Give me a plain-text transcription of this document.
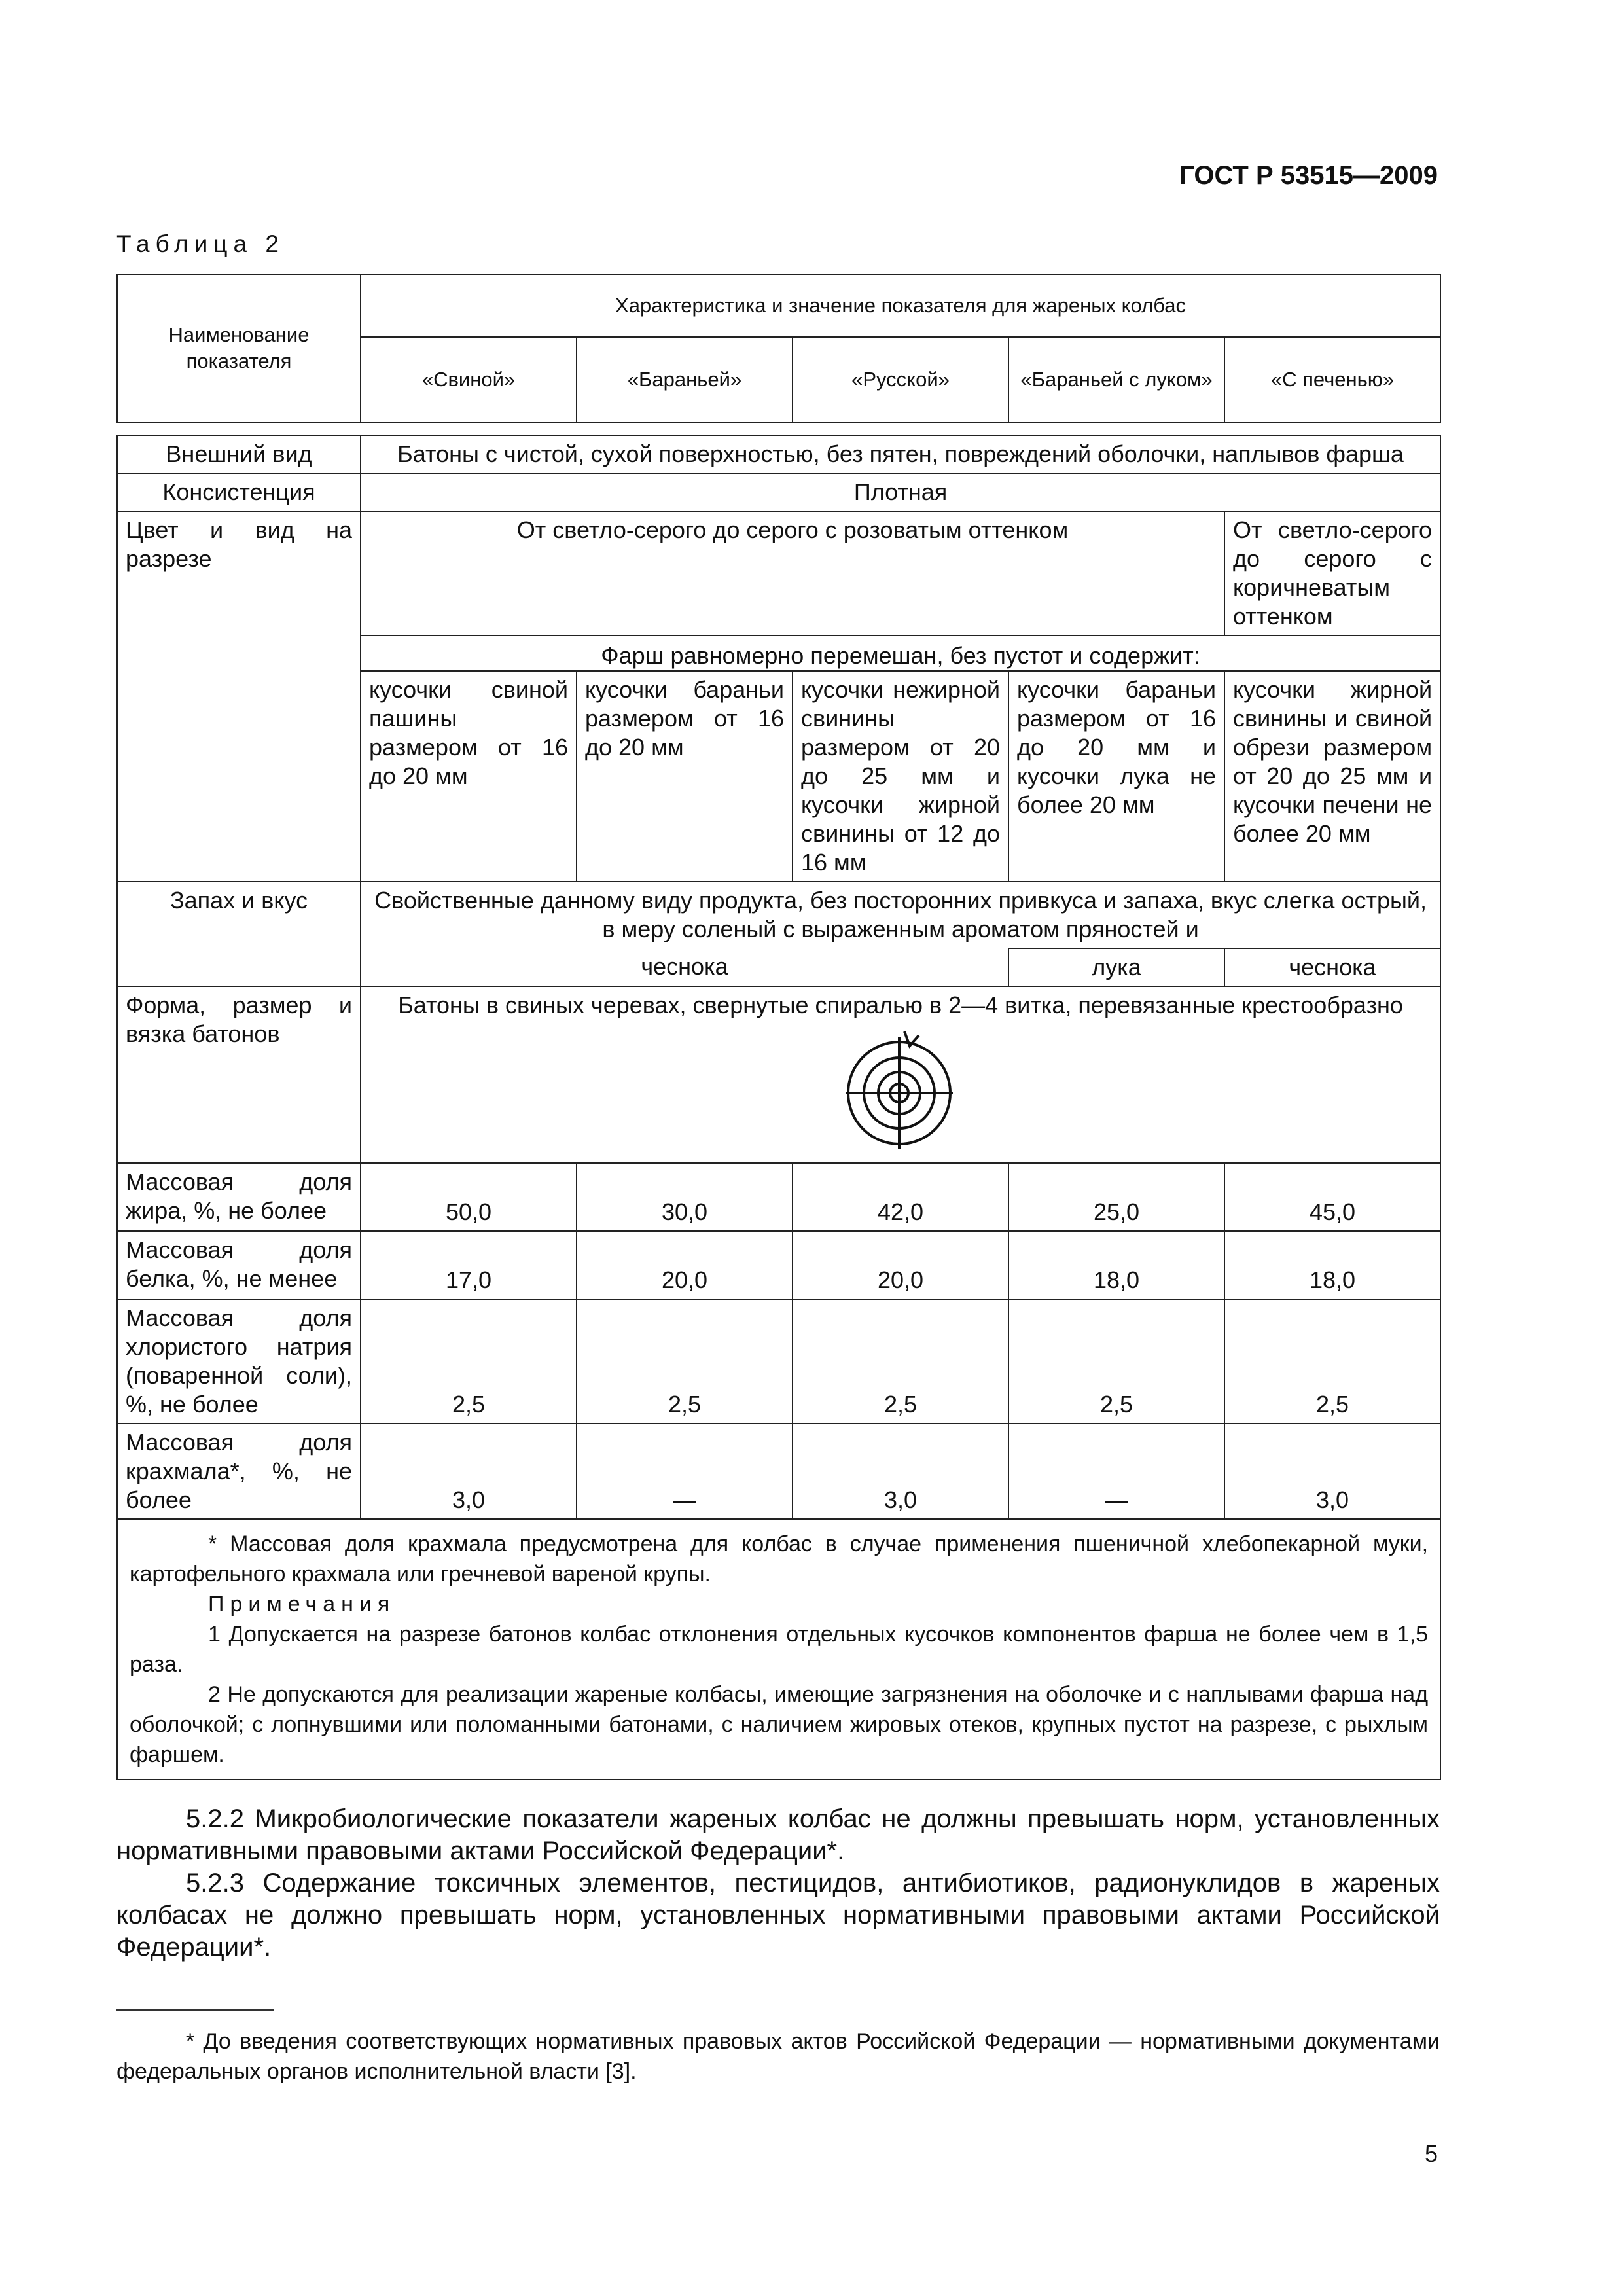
ГОСТ Р 53515—2009
Таблица 2
Наименование показателя	Характеристика и значение показателя для жареных колбас				
	«Свиной»	«Бараньей»	«Русской»	«Бараньей с луком»	«С печенью»

Внешний вид	Батоны с чистой, сухой поверхностью, без пятен, повреждений оболочки, наплывов фарша				
Консистенция	Плотная				
Цвет и вид на разрезе	От светло-серого до серого с розоватым оттенком				От светло-серого до серого с коричневатым оттенком
	Фарш равномерно перемешан, без пустот и содержит:				
	кусочки свиной пашины размером от 16 до 20 мм	кусочки бараньи размером от 16 до 20 мм	кусочки нежирной свинины размером от 20 до 25 мм и кусочки жирной свинины от 12 до 16 мм	кусочки бараньи размером от 16 до 20 мм и кусочки лука не более 20 мм	кусочки жирной свинины и свиной обрези размером от 20 до 25 мм и кусочки печени не более 20 мм
Запах и вкус	Свойственные данному виду продукта, без посторонних привкуса и запаха, вкус слегка острый, в меру соленый с выраженным ароматом пряностей и				
	чеснока			лука	чеснока
Форма, размер и вязка батонов	Батоны в свиных черевах, свернутые спиралью в 2—4 витка, перевязанные крестообразно				

Массовая доля жира, %, не более	50,0	30,0	42,0	25,0	45,0
Массовая доля белка, %, не менее	17,0	20,0	20,0	18,0	18,0
Массовая доля хлористого натрия (поваренной соли), %, не более	2,5	2,5	2,5	2,5	2,5
Массовая доля крахмала*, %, не более	3,0	—	3,0	—	3,0

* Массовая доля крахмала предусмотрена для колбас в случае применения пшеничной хлебопекарной муки, картофельного крахмала или гречневой вареной крупы.

Примечания

1 Допускается на разрезе батонов колбас отклонения отдельных кусочков компонентов фарша не более чем в 1,5 раза.

2 Не допускаются для реализации жареные колбасы, имеющие загрязнения на оболочке и с наплывами фарша над оболочкой; с лопнувшими или поломанными батонами, с наличием жировых отеков, крупных пустот на разрезе, с рыхлым фаршем.					

5.2.2 Микробиологические показатели жареных колбас не должны превышать норм, установленных нормативными правовыми актами Российской Федерации*.

5.2.3 Содержание токсичных элементов, пестицидов, антибиотиков, радионуклидов в жареных колбасах не должно превышать норм, установленных нормативными правовыми актами Российской Федерации*.

* До введения соответствующих нормативных правовых актов Российской Федерации — нормативными документами федеральных органов исполнительной власти [3].

5
